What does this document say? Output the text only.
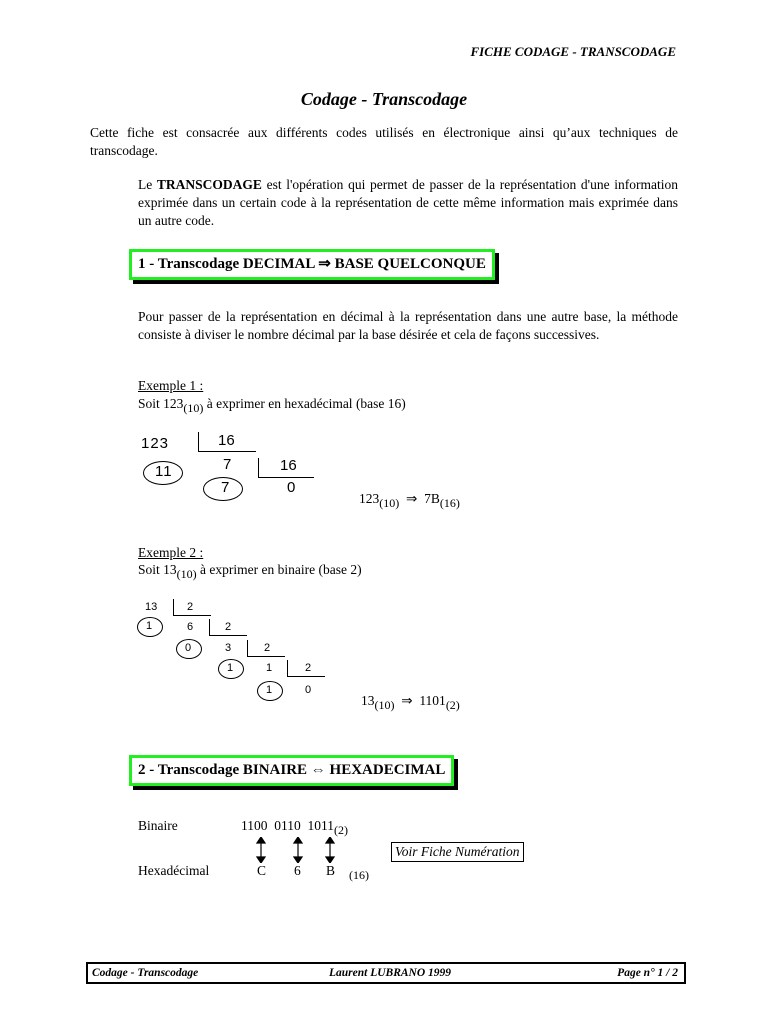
FICHE CODAGE - TRANSCODAGE
Codage - Transcodage
Cette fiche est consacrée aux différents codes utilisés en électronique ainsi qu’aux techniques de transcodage.
Le TRANSCODAGE est l'opération qui permet de passer de la représentation d'une information exprimée dans un certain code à la représentation de cette même information mais exprimée dans un autre code.
1 - Transcodage DECIMAL ⇒ BASE QUELCONQUE
Pour passer de la représentation en décimal à la représentation dans une autre base, la méthode consiste à diviser le nombre décimal par la base désirée et cela de façons successives.
Exemple 1 :
Soit $123_{(10)}$ à exprimer en hexadécimal (base 16)
123	16
11	7	16
7	0
$123_{(10)}$ ⇒ $7B_{(16)}$
Exemple 2 :
Soit $13_{(10)}$ à exprimer en binaire (base 2)
13	2
1	6	2
0	3	2
1	1	2
1	0
$13_{(10)}$ ⇒ $1101_{(2)}$
2 - Transcodage BINAIRE ⇔ HEXADECIMAL
Binaire	1100  0110  $1011_{(2)}$
Voir Fiche Numération
Hexadécimal	C 6 B (16)
Codage - Transcodage	Laurent LUBRANO 1999	Page n° 1 / 2
